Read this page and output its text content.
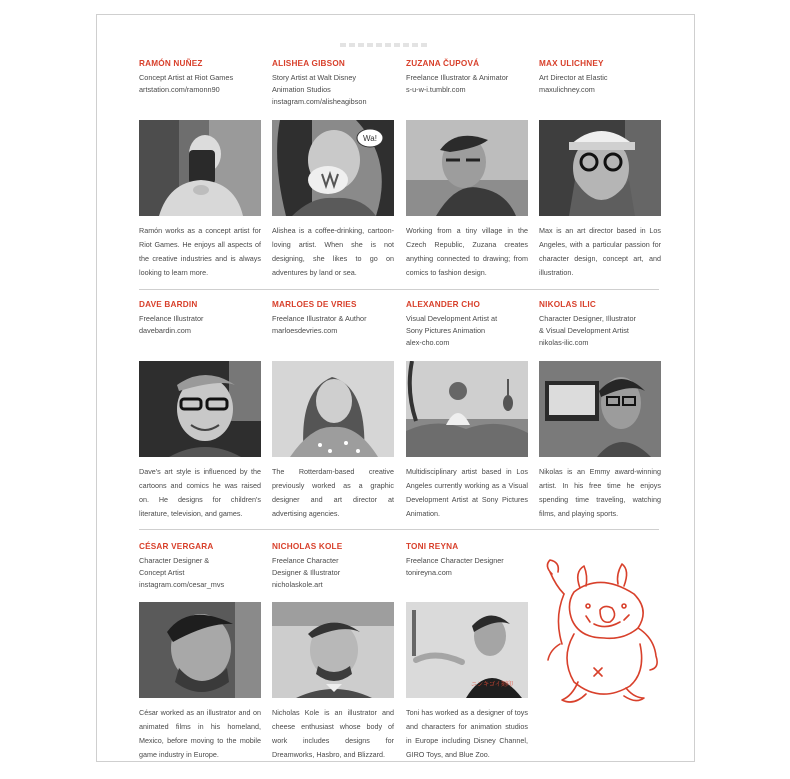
RAMÓN NUÑEZ

Concept Artist at Riot Games
artstation.com/ramonn90

ALISHEA GIBSON

Story Artist at Walt Disney
Animation Studios
instagram.com/alisheagibson

ZUZANA ČUPOVÁ

Freelance Illustrator & Animator
s-u-w-i.tumblr.com

MAX ULICHNEY

Art Director at Elastic
maxulichney.com

Wa!

Ramón works as a concept artist for Riot Games. He enjoys all aspects of the creative industries and is always looking to learn more.

Alishea is a coffee-drinking, cartoon-loving artist. When she is not designing, she likes to go on adventures by land or sea.

Working from a tiny village in the Czech Republic, Zuzana creates anything connected to drawing; from comics to fashion design.

Max is an art director based in Los Angeles, with a particular passion for character design, concept art, and illustration.

DAVE BARDIN

Freelance Illustrator
davebardin.com

MARLOES DE VRIES

Freelance Illustrator & Author
marloesdevries.com

ALEXANDER CHO

Visual Development Artist at
Sony Pictures Animation
alex-cho.com

NIKOLAS ILIC

Character Designer, Illustrator
& Visual Development Artist
nikolas-ilic.com

Dave's art style is influenced by the cartoons and comics he was raised on. He designs for children's literature, television, and games.

The Rotterdam-based creative previously worked as a graphic designer and art director at advertising agencies.

Multidisciplinary artist based in Los Angeles currently working as a Visual Development Artist at Sony Pictures Animation.

Nikolas is an Emmy award-winning artist. In his free time he enjoys spending time traveling, watching films, and playing sports.

CÉSAR VERGARA

Character Designer &
Concept Artist
instagram.com/cesar_mvs

NICHOLAS KOLE

Freelance Character
Designer & Illustrator
nicholaskole.art

TONI REYNA

Freelance Character Designer
tonireyna.com

ニンキゴイ刻印

César worked as an illustrator and on animated films in his homeland, Mexico, before moving to the mobile game industry in Europe.

Nicholas Kole is an illustrator and cheese enthusiast whose body of work includes designs for Dreamworks, Hasbro, and Blizzard.

Toni has worked as a designer of toys and characters for animation studios in Europe including Disney Channel, GIRO Toys, and Blue Zoo.
